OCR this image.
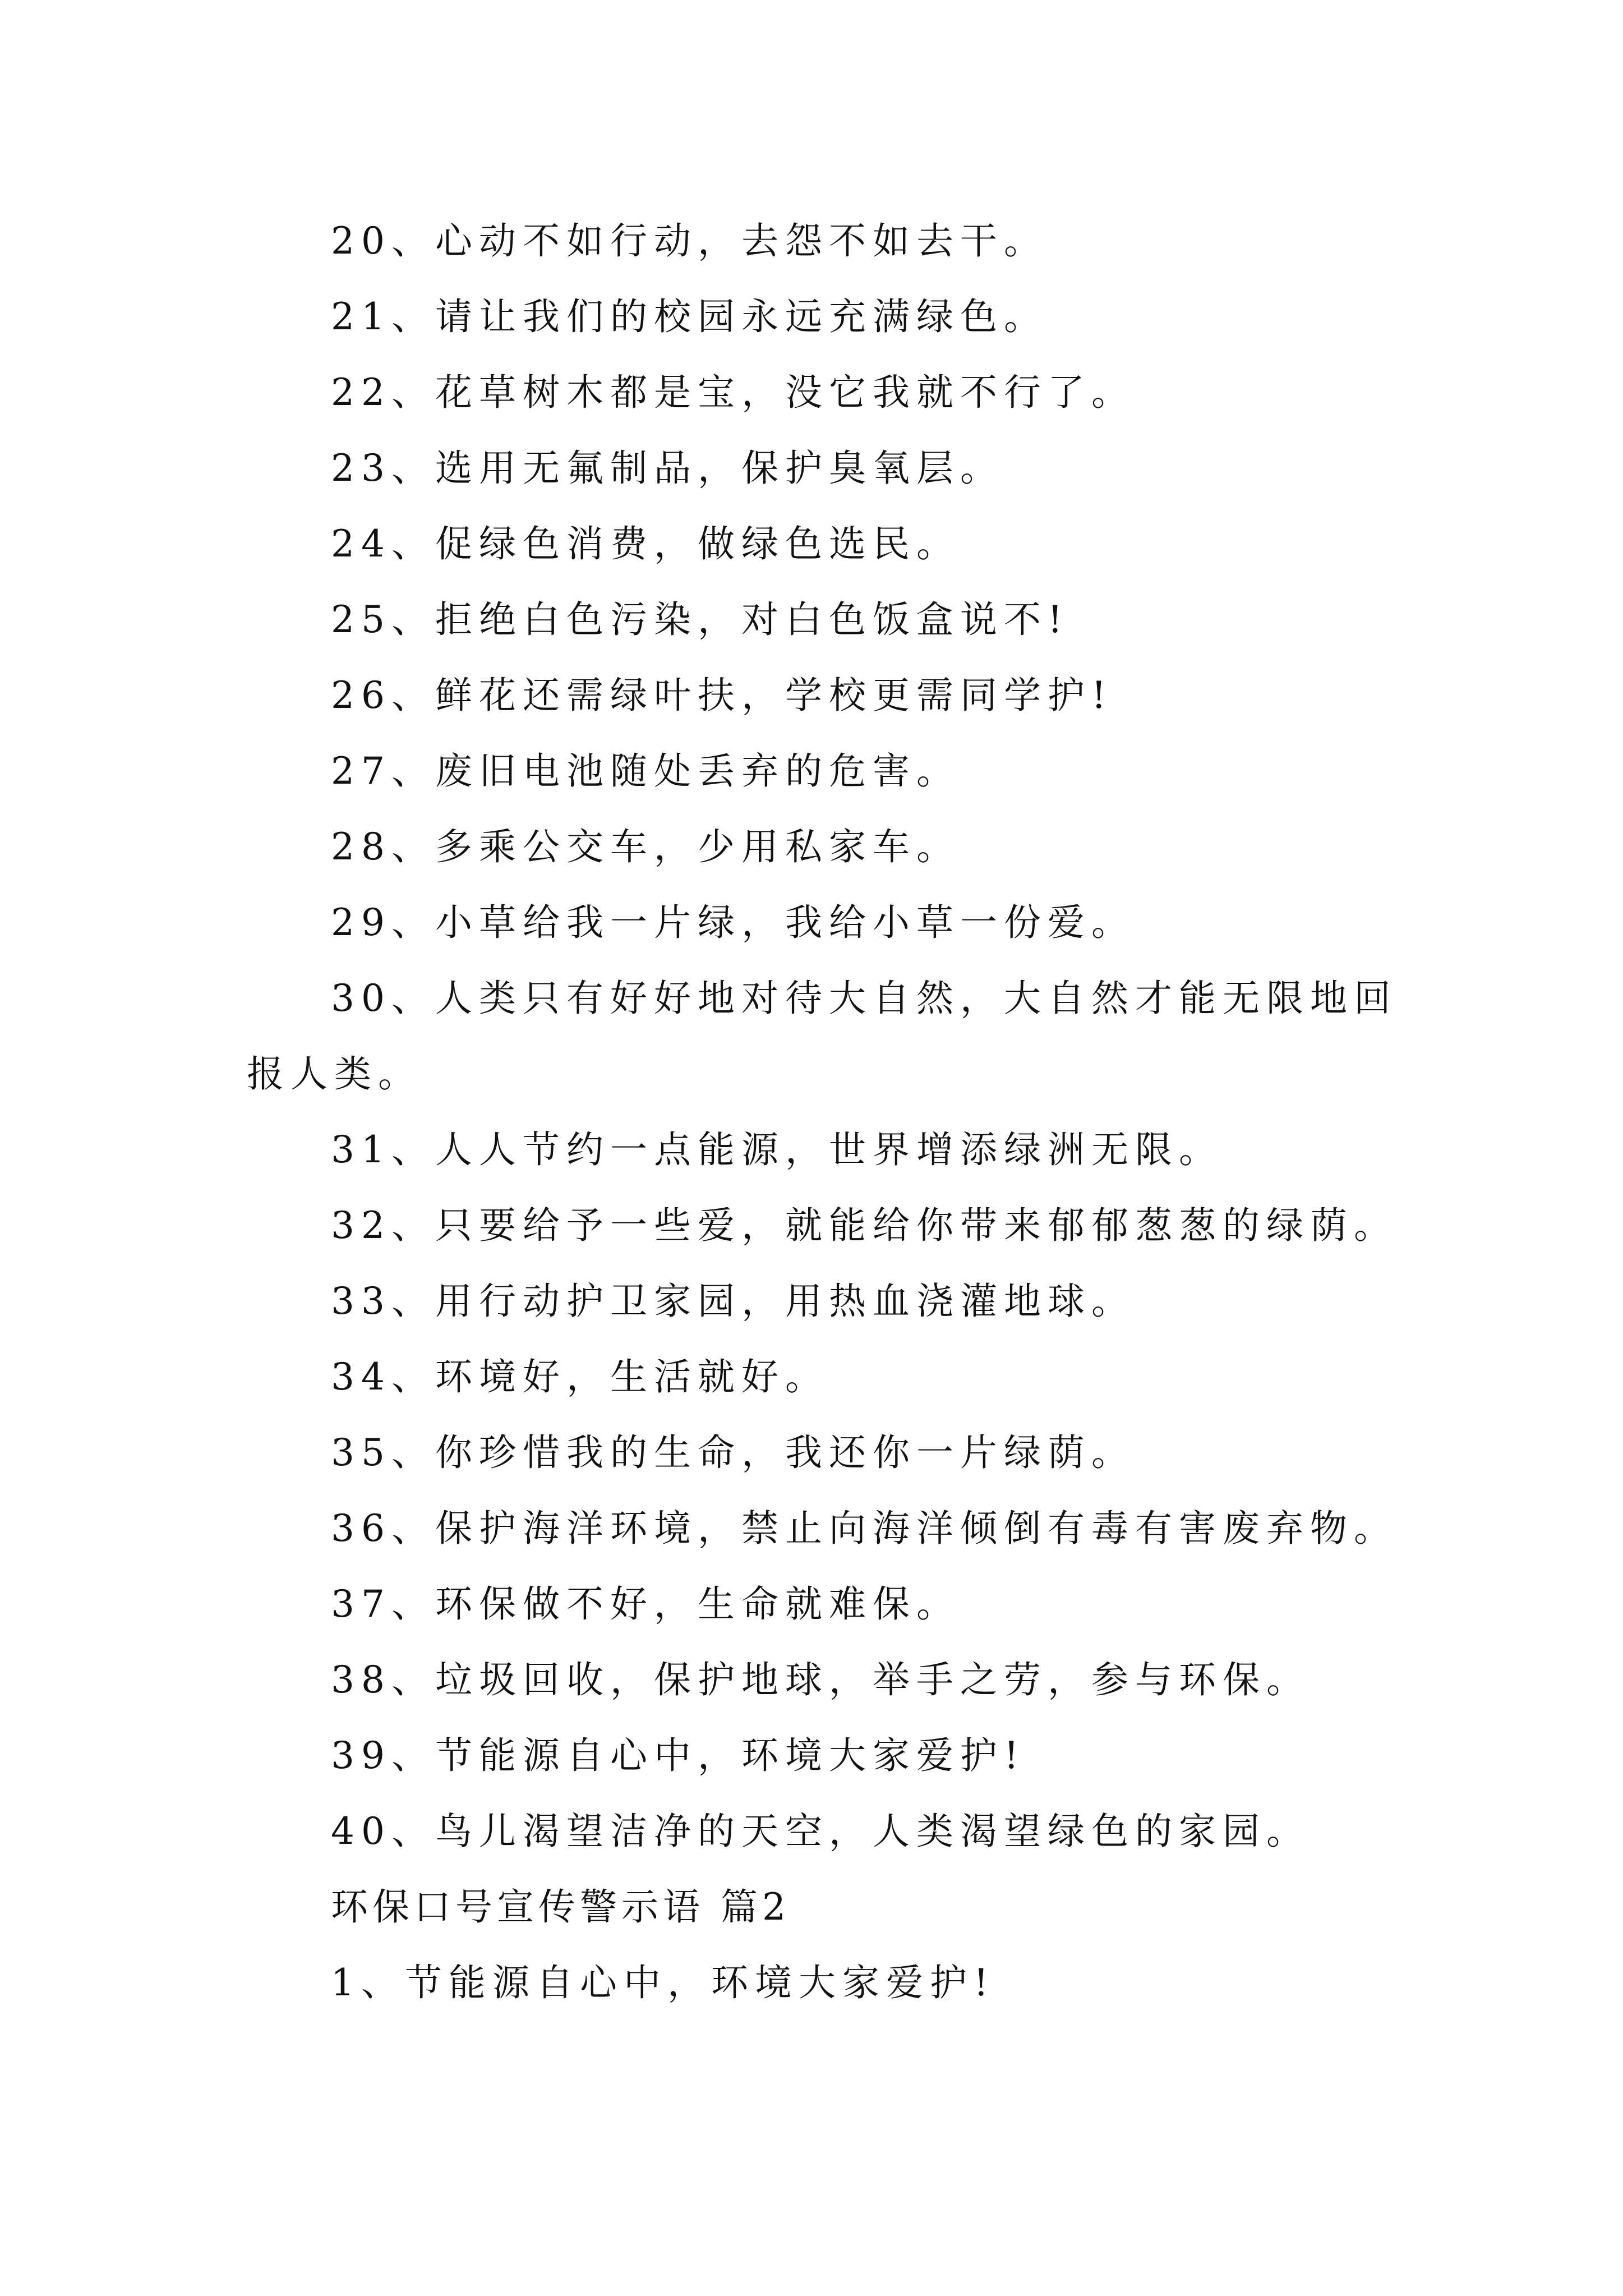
20、心动不如行动，去怨不如去干。
21、请让我们的校园永远充满绿色。
22、花草树木都是宝，没它我就不行了。
23、选用无氟制品，保护臭氧层。
24、促绿色消费，做绿色选民。
25、拒绝白色污染，对白色饭盒说不!
26、鲜花还需绿叶扶，学校更需同学护!
27、废旧电池随处丢弃的危害。
28、多乘公交车，少用私家车。
29、小草给我一片绿，我给小草一份爱。
30、人类只有好好地对待大自然，大自然才能无限地回
报人类。
31、人人节约一点能源，世界增添绿洲无限。
32、只要给予一些爱，就能给你带来郁郁葱葱的绿荫。
33、用行动护卫家园，用热血浇灌地球。
34、环境好，生活就好。
35、你珍惜我的生命，我还你一片绿荫。
36、保护海洋环境，禁止向海洋倾倒有毒有害废弃物。
37、环保做不好，生命就难保。
38、垃圾回收，保护地球，举手之劳，参与环保。
39、节能源自心中，环境大家爱护!
40、鸟儿渴望洁净的天空，人类渴望绿色的家园。
环保口号宣传警示语 篇2
1、节能源自心中，环境大家爱护!
